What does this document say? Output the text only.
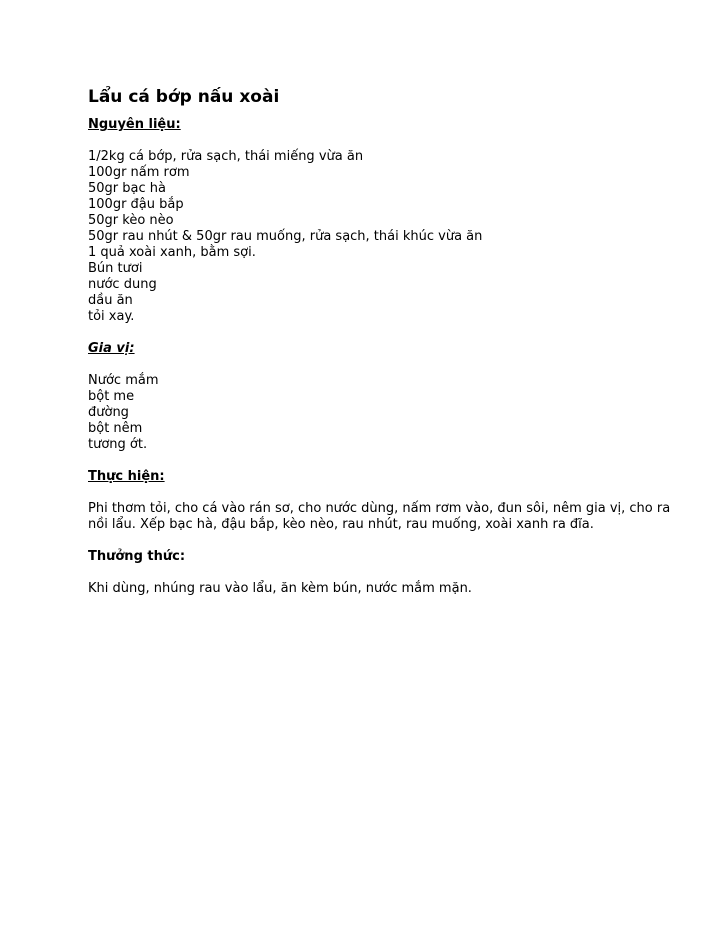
Lẩu cá bớp nấu xoài
Nguyên liệu:
1/2kg cá bớp, rửa sạch, thái miếng vừa ăn
100gr nấm rơm
50gr bạc hà
100gr đậu bắp
50gr kèo nèo
50gr rau nhút & 50gr rau muống, rửa sạch, thái khúc vừa ăn
1 quả xoài xanh, bằm sợi.
Bún tươi
nước dung
dầu ăn
tỏi xay.
Gia vị:
Nước mắm
bột me
đường
bột nêm
tương ớt.
Thực hiện:

Phi thơm tỏi, cho cá vào rán sơ, cho nước dùng, nấm rơm vào, đun sôi, nêm gia vị, cho ra nồi lẩu. Xếp bạc hà, đậu bắp, kèo nèo, rau nhút, rau muống, xoài xanh ra đĩa.

Thưởng thức:

Khi dùng, nhúng rau vào lẩu, ăn kèm bún, nước mắm mặn.
